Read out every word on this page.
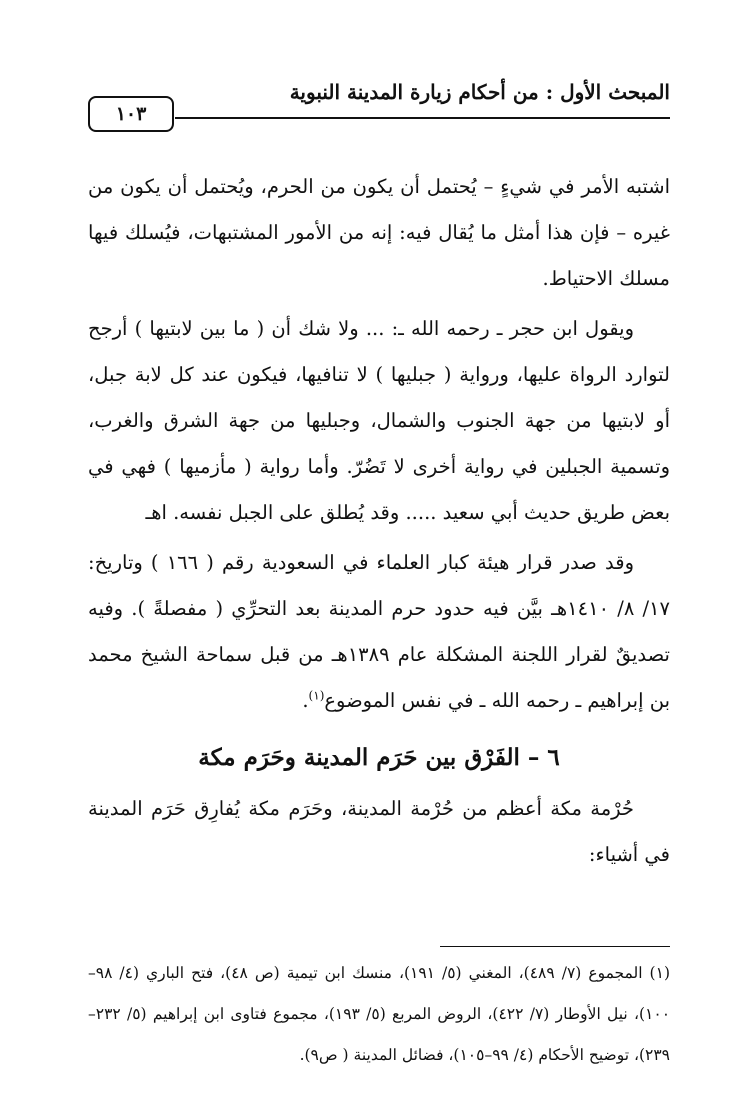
المبحث الأول : من أحكام زيارة المدينة النبوية
١٠٣

اشتبه الأمر في شيءٍ – يُحتمل أن يكون من الحرم، ويُحتمل أن يكون من غيره – فإن هذا أمثل ما يُقال فيه: إنه من الأمور المشتبهات، فيُسلك فيها مسلك الاحتياط.

ويقول ابن حجر ـ رحمه الله ـ: ... ولا شك أن ( ما بين لابتيها ) أرجح لتوارد الرواة عليها، ورواية ( جبليها ) لا تنافيها، فيكون عند كل لابة جبل، أو لابتيها من جهة الجنوب والشمال، وجبليها من جهة الشرق والغرب، وتسمية الجبلين في رواية أخرى لا تَضُرّ. وأما رواية ( مأزميها ) فهي في بعض طريق حديث أبي سعيد ..... وقد يُطلق على الجبل نفسه. اهـ

وقد صدر قرار هيئة كبار العلماء في السعودية رقم ( ١٦٦ ) وتاريخ: ١٧/ ٨/ ١٤١٠هـ بيَّن فيه حدود حرم المدينة بعد التحرِّي ( مفصلةً ). وفيه تصديقٌ لقرار اللجنة المشكلة عام ١٣٨٩هـ من قبل سماحة الشيخ محمد بن إبراهيم ـ رحمه الله ـ في نفس الموضوع$^{(١)}$.

٦ – الفَرْق بين حَرَم المدينة وحَرَم مكة

حُرْمة مكة أعظم من حُرْمة المدينة، وحَرَم مكة يُفارِق حَرَم المدينة في أشياء:

(١) المجموع (٧/ ٤٨٩)، المغني (٥/ ١٩١)، منسك ابن تيمية (ص ٤٨)، فتح الباري (٤/ ٩٨–١٠٠)، نيل الأوطار (٧/ ٤٢٢)، الروض المربع (٥/ ١٩٣)، مجموع فتاوى ابن إبراهيم (٥/ ٢٣٢– ٢٣٩)، توضيح الأحكام (٤/ ٩٩–١٠٥)، فضائل المدينة ( ص٩).
